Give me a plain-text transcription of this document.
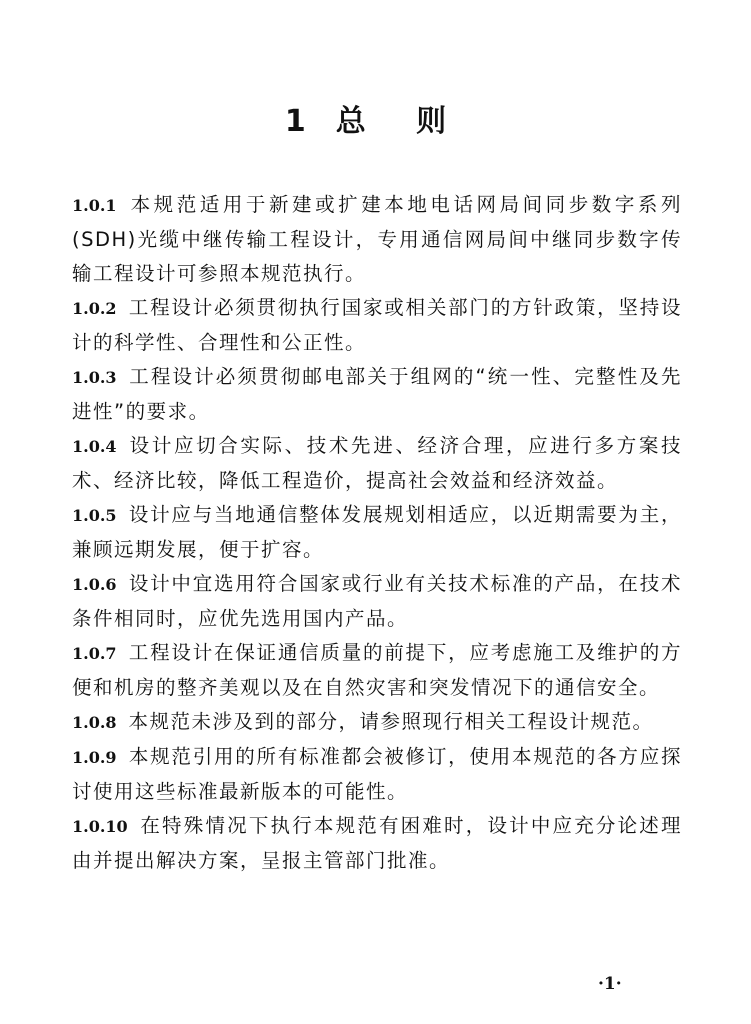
1 总 则

1.0.1 本规范适用于新建或扩建本地电话网局间同步数字系列(SDH)光缆中继传输工程设计，专用通信网局间中继同步数字传输工程设计可参照本规范执行。

1.0.2 工程设计必须贯彻执行国家或相关部门的方针政策，坚持设计的科学性、合理性和公正性。

1.0.3 工程设计必须贯彻邮电部关于组网的“统一性、完整性及先进性”的要求。

1.0.4 设计应切合实际、技术先进、经济合理，应进行多方案技术、经济比较，降低工程造价，提高社会效益和经济效益。

1.0.5 设计应与当地通信整体发展规划相适应，以近期需要为主，兼顾远期发展，便于扩容。

1.0.6 设计中宜选用符合国家或行业有关技术标准的产品，在技术条件相同时，应优先选用国内产品。

1.0.7 工程设计在保证通信质量的前提下，应考虑施工及维护的方便和机房的整齐美观以及在自然灾害和突发情况下的通信安全。

1.0.8 本规范未涉及到的部分，请参照现行相关工程设计规范。

1.0.9 本规范引用的所有标准都会被修订，使用本规范的各方应探讨使用这些标准最新版本的可能性。

1.0.10 在特殊情况下执行本规范有困难时，设计中应充分论述理由并提出解决方案，呈报主管部门批准。

·1·
